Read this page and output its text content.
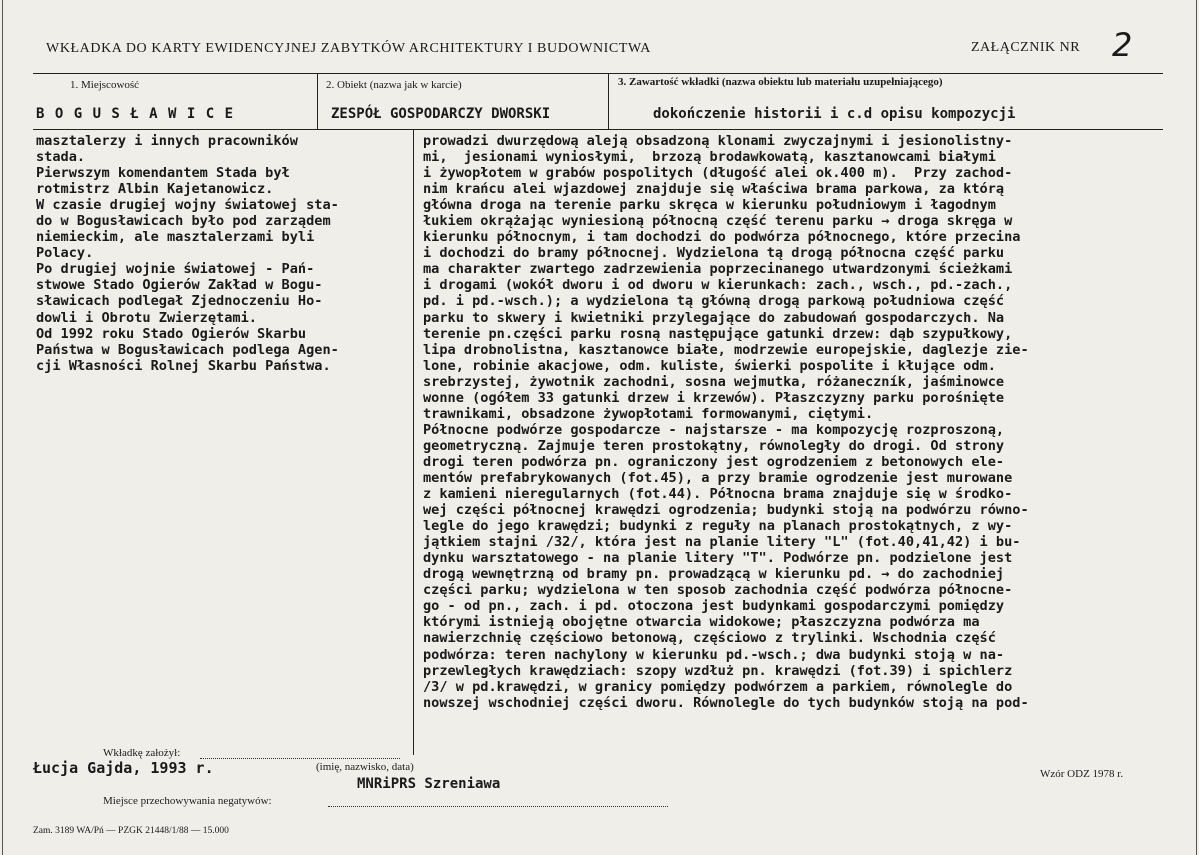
WKŁADKA DO KARTY EWIDENCYJNEJ ZABYTKÓW ARCHITEKTURY I BUDOWNICTWA	ZAŁĄCZNIK NR 2
1. Miejscowość
B O G U S Ł A W I C E
2. Obiekt (nazwa jak w karcie)
ZESPÓŁ GOSPODARCZY DWORSKI
3. Zawartość wkładki (nazwa obiektu lub materiału uzupełniającego)
dokończenie historii i c.d opisu kompozycji
masztalerzy i innych pracowników
stada.
Pierwszym komendantem Stada był
rotmistrz Albin Kajetanowicz.
W czasie drugiej wojny światowej sta-
do w Bogusławicach było pod zarządem
niemieckim, ale masztalerzami byli
Polacy.
Po drugiej wojnie światowej - Pań-
stwowe Stado Ogierów Zakład w Bogu-
sławicach podlegał Zjednoczeniu Ho-
dowli i Obrotu Zwierzętami.
Od 1992 roku Stado Ogierów Skarbu
Państwa w Bogusławicach podlega Agen-
cji Własności Rolnej Skarbu Państwa.
prowadzi dwurzędową aleją obsadzoną klonami zwyczajnymi i jesionolistny-
mi,  jesionami wyniosłymi,  brzozą brodawkowatą, kasztanowcami białymi
i żywopłotem w grabów pospolitych (długość alei ok.400 m).  Przy zachod-
nim krańcu alei wjazdowej znajduje się właściwa brama parkowa, za którą
główna droga na terenie parku skręca w kierunku południowym i łagodnym
łukiem okrążając wyniesioną północną część terenu parku → droga skręga w
kierunku północnym, i tam dochodzi do podwórza północnego, które przecina
i dochodzi do bramy północnej. Wydzielona tą drogą północna część parku
ma charakter zwartego zadrzewienia poprzecinanego utwardzonymi ścieżkami
i drogami (wokół dworu i od dworu w kierunkach: zach., wsch., pd.-zach.,
pd. i pd.-wsch.); a wydzielona tą główną drogą parkową południowa część
parku to skwery i kwietniki przylegające do zabudowań gospodarczych. Na
terenie pn.części parku rosną następujące gatunki drzew: dąb szypułkowy,
lipa drobnolistna, kasztanowce białe, modrzewie europejskie, daglezje zie-
lone, robinie akacjowe, odm. kuliste, świerki pospolite i kłujące odm.
srebrzystej, żywotnik zachodni, sosna wejmutka, różaneczník, jaśminowce
wonne (ogółem 33 gatunki drzew i krzewów). Płaszczyzny parku porośnięte
trawnikami, obsadzone żywopłotami formowanymi, ciętymi.
Północne podwórze gospodarcze - najstarsze - ma kompozycję rozproszoną,
geometryczną. Zajmuje teren prostokątny, równoległy do drogi. Od strony
drogi teren podwórza pn. ograniczony jest ogrodzeniem z betonowych ele-
mentów prefabrykowanych (fot.45), a przy bramie ogrodzenie jest murowane
z kamieni nieregularnych (fot.44). Północna brama znajduje się w środko-
wej części północnej krawędzi ogrodzenia; budynki stoją na podwórzu równo-
legle do jego krawędzi; budynki z reguły na planach prostokątnych, z wy-
jątkiem stajni /32/, która jest na planie litery "L" (fot.40,41,42) i bu-
dynku warsztatowego - na planie litery "T". Podwórze pn. podzielone jest
drogą wewnętrzną od bramy pn. prowadzącą w kierunku pd. → do zachodniej
części parku; wydzielona w ten sposob zachodnia część podwórza północne-
go - od pn., zach. i pd. otoczona jest budynkami gospodarczymi pomiędzy
którymi istnieją obojętne otwarcia widokowe; płaszczyzna podwórza ma
nawierzchnię częściowo betonową, częściowo z trylinki. Wschodnia część
podwórza: teren nachylony w kierunku pd.-wsch.; dwa budynki stoją w na-
przewległych krawędziach: szopy wzdłuż pn. krawędzi (fot.39) i spichlerz
/3/ w pd.krawędzi, w granicy pomiędzy podwórzem a parkiem, równolegle do
nowszej wschodniej części dworu. Równolegle do tych budynków stoją na pod-
Wkładkę założył:
Łucja Gajda, 1993 r.	(imię, nazwisko, data)
MNRiPRS Szreniawa
Wzór ODZ 1978 r.
Miejsce przechowywania negatywów:
Zam. 3189 WA/Pń — PZGK 21448/1/88 — 15.000
